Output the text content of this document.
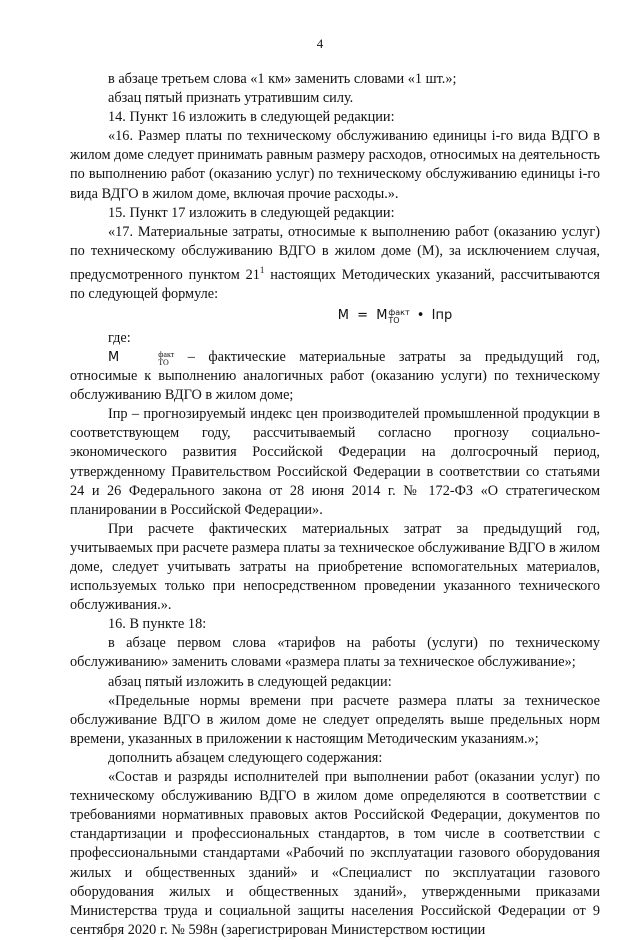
4

в абзаце третьем слова «1 км» заменить словами «1 шт.»;

абзац пятый признать утратившим силу.

14. Пункт 16 изложить в следующей редакции:

«16. Размер платы по техническому обслуживанию единицы i-го вида ВДГО в жилом доме следует принимать равным размеру расходов, относимых на деятельность по выполнению работ (оказанию услуг) по техническому обслуживанию единицы i-го вида ВДГО в жилом доме, включая прочие расходы.».

15. Пункт 17 изложить в следующей редакции:

«17. Материальные затраты, относимые к выполнению работ (оказанию услуг) по техническому обслуживанию ВДГО в жилом доме (М), за исключением случая, предусмотренного пунктом $21^1$ настоящих Методических указаний, рассчитываются по следующей формуле:

М = М факт
ТО	• Iпр

где:

М	факт
ТО – фактические материальные затраты за предыдущий год, относимые к выполнению аналогичных работ (оказанию услуги) по техническому обслуживанию ВДГО в жилом доме;

Iпр – прогнозируемый индекс цен производителей промышленной продукции в соответствующем году, рассчитываемый согласно прогнозу социально-экономического развития Российской Федерации на долгосрочный период, утвержденному Правительством Российской Федерации в соответствии со статьями 24 и 26 Федерального закона от 28 июня 2014 г. № 172-ФЗ «О стратегическом планировании в Российской Федерации».

При расчете фактических материальных затрат за предыдущий год, учитываемых при расчете размера платы за техническое обслуживание ВДГО в жилом доме, следует учитывать затраты на приобретение вспомогательных материалов, используемых только при непосредственном проведении указанного технического обслуживания.».

16. В пункте 18:

в абзаце первом слова «тарифов на работы (услуги) по техническому обслуживанию» заменить словами «размера платы за техническое обслуживание»;

абзац пятый изложить в следующей редакции:

«Предельные нормы времени при расчете размера платы за техническое обслуживание ВДГО в жилом доме не следует определять выше предельных норм времени, указанных в приложении к настоящим Методическим указаниям.»;

дополнить абзацем следующего содержания:

«Состав и разряды исполнителей при выполнении работ (оказании услуг) по техническому обслуживанию ВДГО в жилом доме определяются в соответствии с требованиями нормативных правовых актов Российской Федерации, документов по стандартизации и профессиональных стандартов, в том числе в соответствии с профессиональными стандартами «Рабочий по эксплуатации газового оборудования жилых и общественных зданий» и «Специалист по эксплуатации газового оборудования жилых и общественных зданий», утвержденными приказами Министерства труда и социальной защиты населения Российской Федерации от 9 сентября 2020 г. № 598н (зарегистрирован Министерством юстиции
